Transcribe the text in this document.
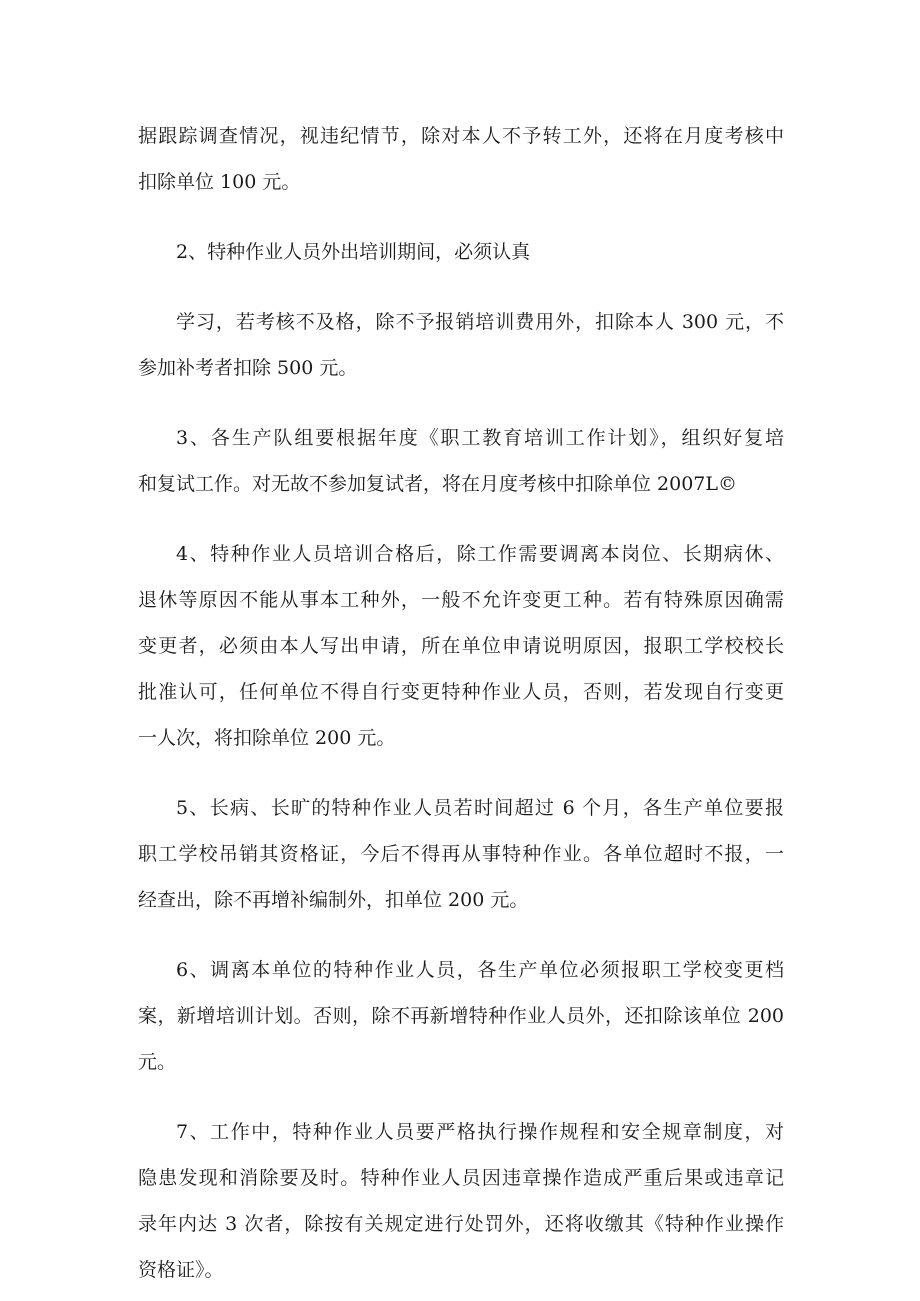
据跟踪调查情况，视违纪情节，除对本人不予转工外，还将在月度考核中
扣除单位 100 元。
2、特种作业人员外出培训期间，必须认真
学习，若考核不及格，除不予报销培训费用外，扣除本人 300 元，不
参加补考者扣除 500 元。
3、各生产队组要根据年度《职工教育培训工作计划》，组织好复培
和复试工作。对无故不参加复试者，将在月度考核中扣除单位 2007L©
4、特种作业人员培训合格后，除工作需要调离本岗位、长期病休、
退休等原因不能从事本工种外，一般不允许变更工种。若有特殊原因确需
变更者，必须由本人写出申请，所在单位申请说明原因，报职工学校校长
批准认可，任何单位不得自行变更特种作业人员，否则，若发现自行变更
一人次，将扣除单位 200 元。
5、长病、长旷的特种作业人员若时间超过 6 个月，各生产单位要报
职工学校吊销其资格证，今后不得再从事特种作业。各单位超时不报，一
经查出，除不再增补编制外，扣单位 200 元。
6、调离本单位的特种作业人员，各生产单位必须报职工学校变更档
案，新增培训计划。否则，除不再新增特种作业人员外，还扣除该单位 200
元。
7、工作中，特种作业人员要严格执行操作规程和安全规章制度，对
隐患发现和消除要及时。特种作业人员因违章操作造成严重后果或违章记
录年内达 3 次者，除按有关规定进行处罚外，还将收缴其《特种作业操作
资格证》。
